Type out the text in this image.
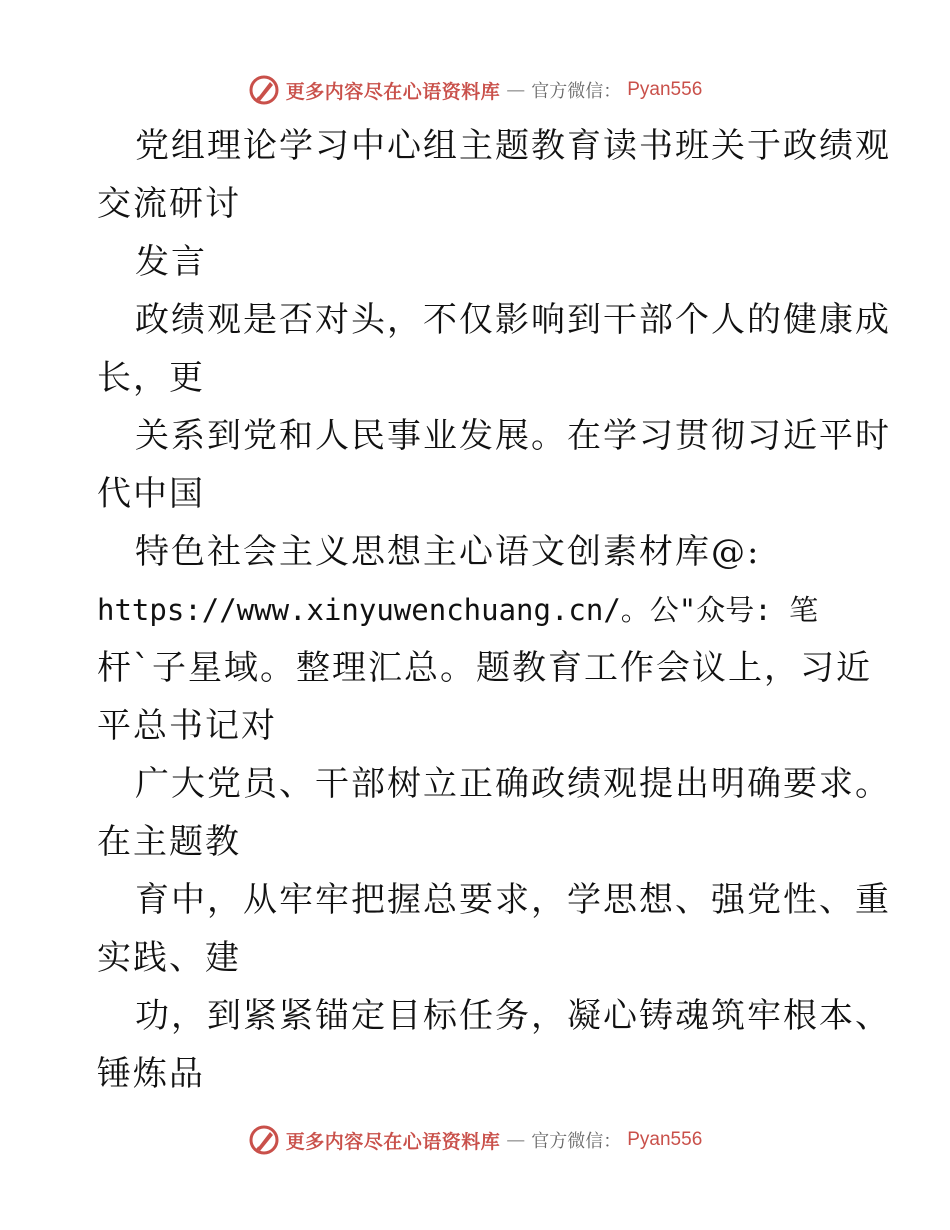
更多内容尽在心语资料库 — 官方微信： Pyan556
党组理论学习中心组主题教育读书班关于政绩观
交流研讨
发言
政绩观是否对头，不仅影响到干部个人的健康成
长，更
关系到党和人民事业发展。在学习贯彻习近平时
代中国
特色社会主义思想主心语文创素材库@:
https://www.xinyuwenchuang.cn/。公"众号: 笔
杆`子星域。整理汇总。题教育工作会议上，习近
平总书记对
广大党员、干部树立正确政绩观提出明确要求。
在主题教
育中，从牢牢把握总要求，学思想、强党性、重
实践、建
功，到紧紧锚定目标任务，凝心铸魂筑牢根本、
锤炼品
更多内容尽在心语资料库 — 官方微信： Pyan556
